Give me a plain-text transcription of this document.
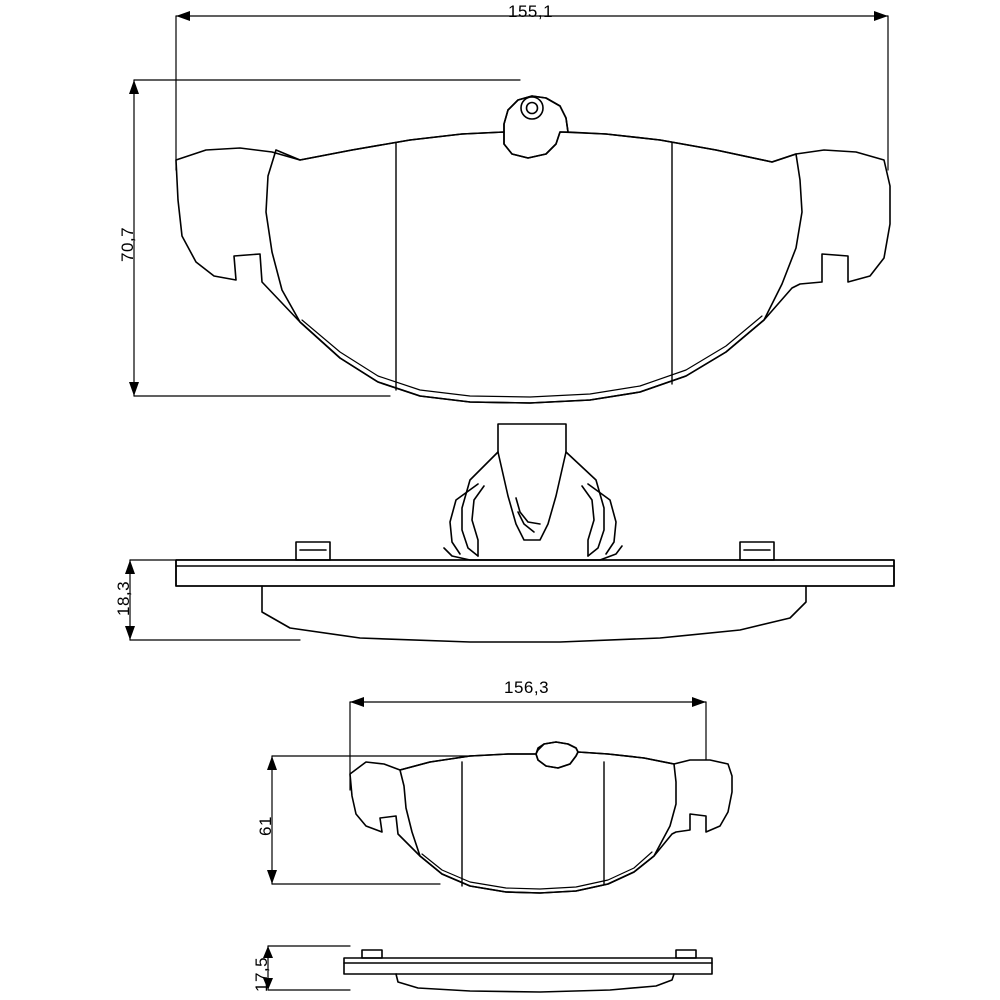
155,1
70,7
18,3
156,3
61
17,5
